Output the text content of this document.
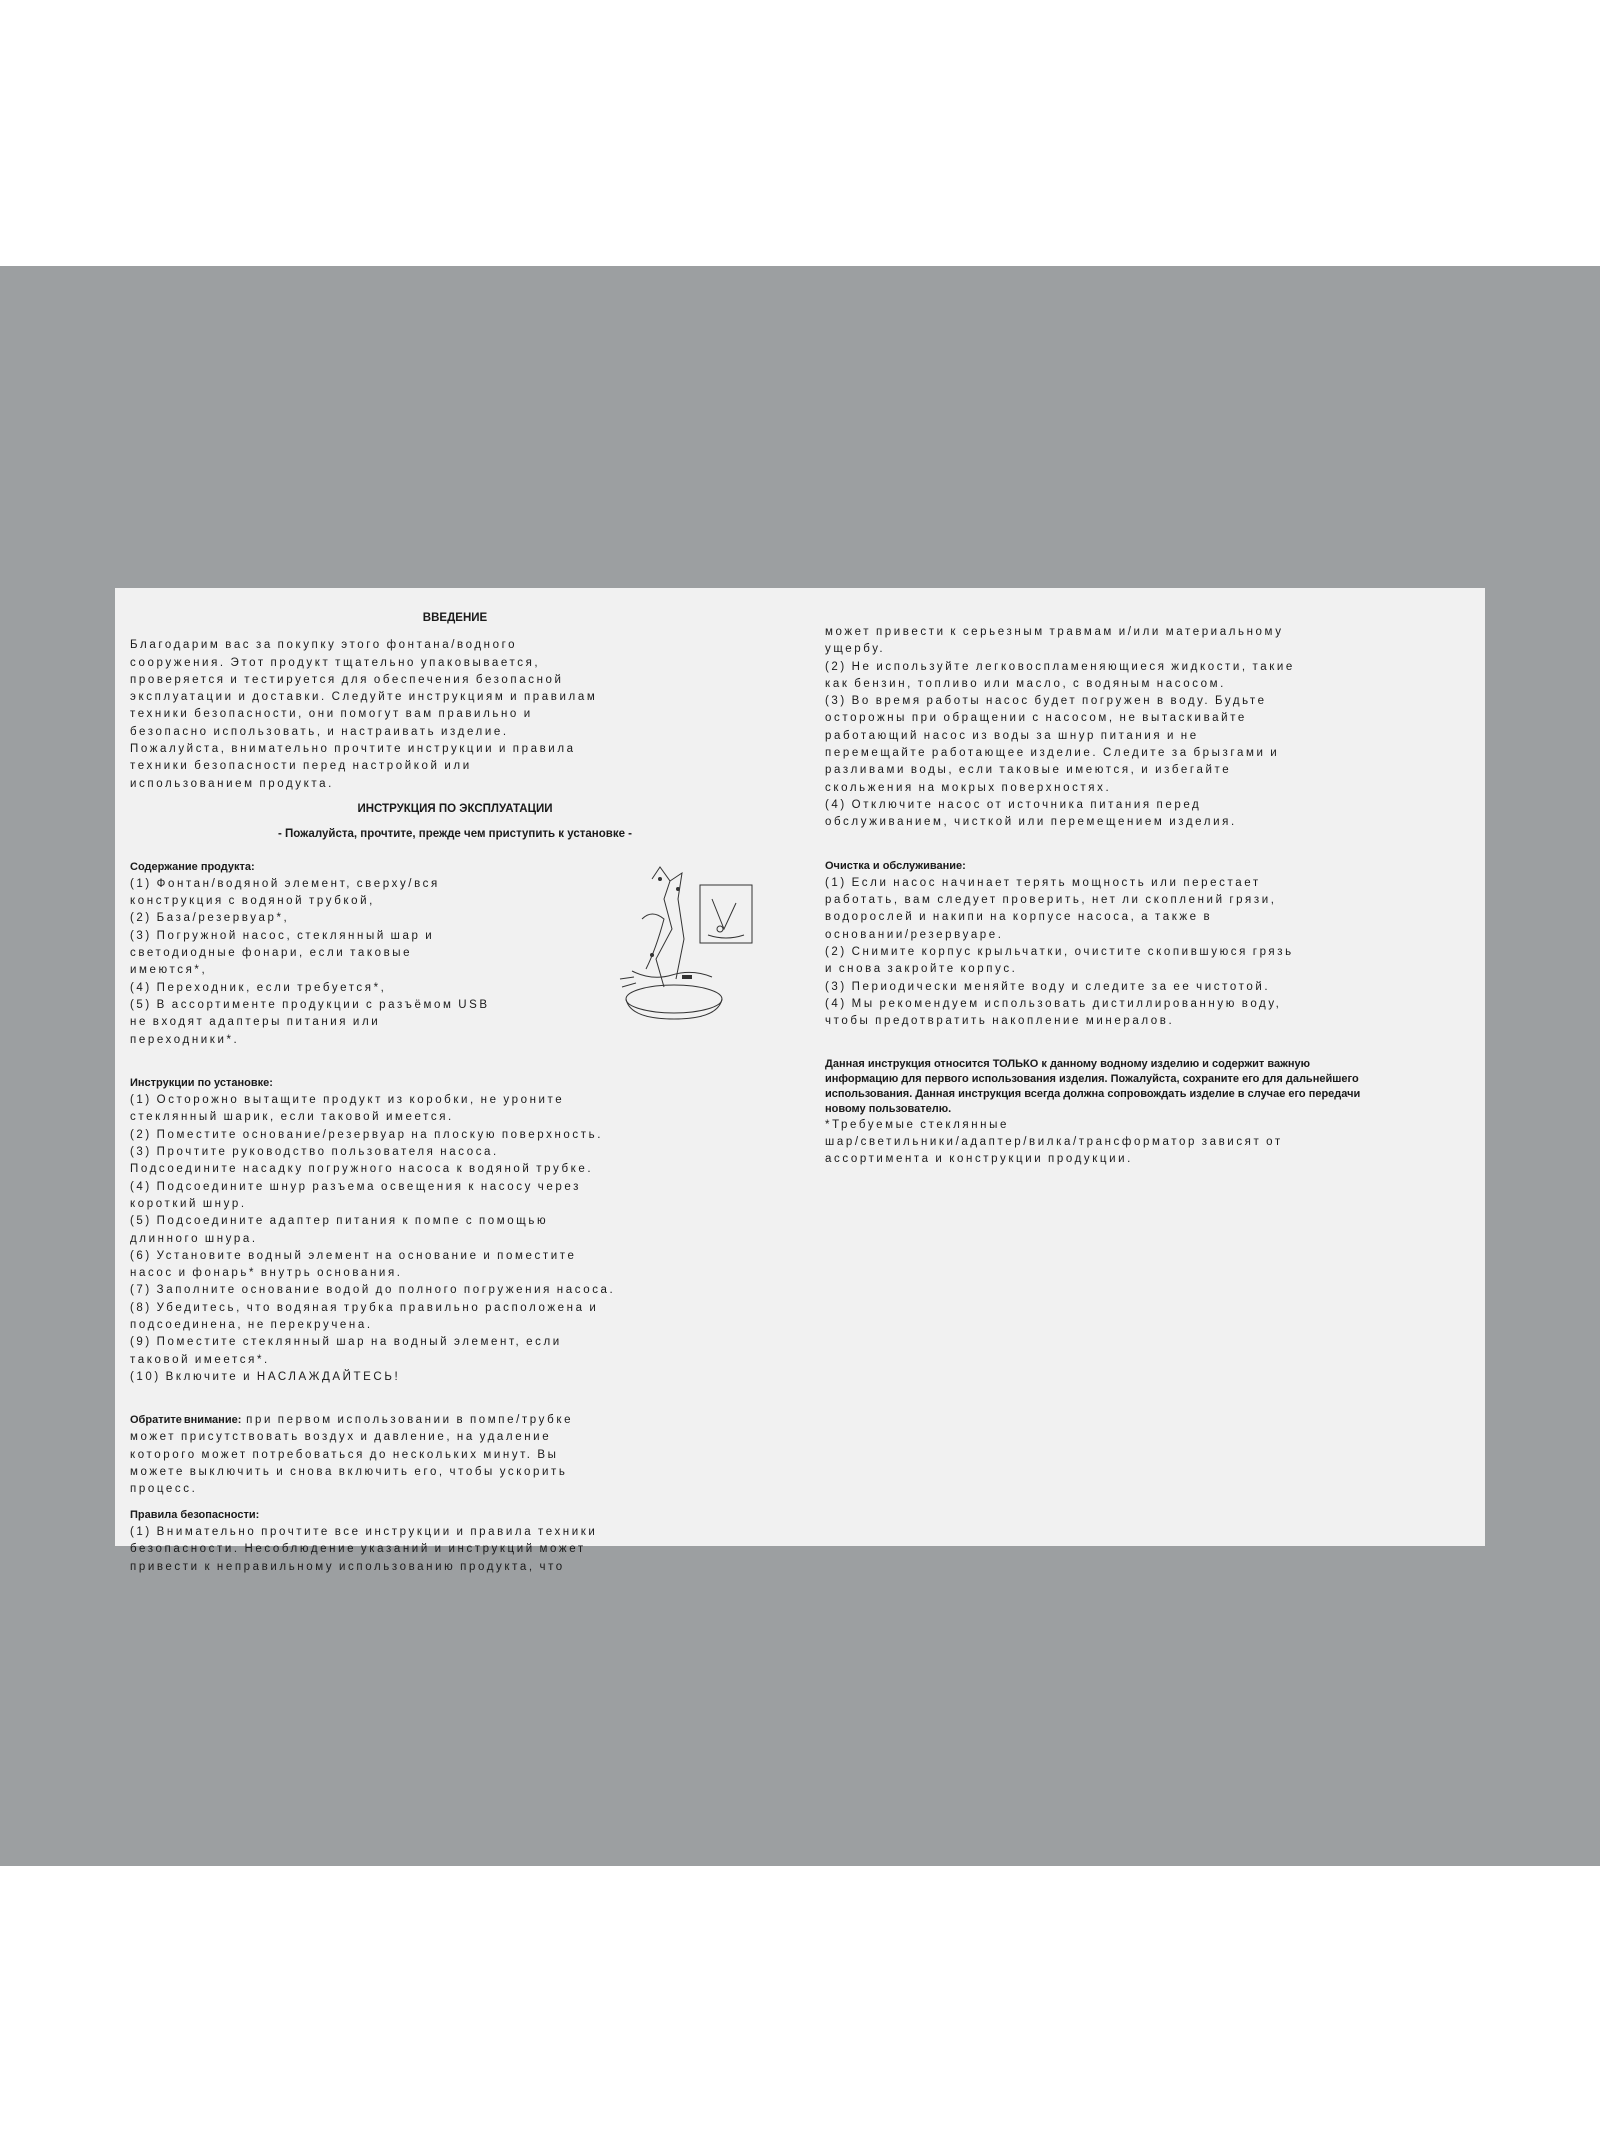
ВВЕДЕНИЕ
Благодарим вас за покупку этого фонтана/водного
сооружения. Этот продукт тщательно упаковывается,
проверяется и тестируется для обеспечения безопасной
эксплуатации и доставки. Следуйте инструкциям и правилам
техники безопасности, они помогут вам правильно и
безопасно использовать, и настраивать изделие.
Пожалуйста, внимательно прочтите инструкции и правила
техники безопасности перед настройкой или
использованием продукта.
ИНСТРУКЦИЯ ПО ЭКСПЛУАТАЦИИ
- Пожалуйста, прочтите, прежде чем приступить к установке -
Содержание продукта:
(1) Фонтан/водяной элемент, сверху/вся
конструкция с водяной трубкой,
(2) База/резервуар*,
(3) Погружной насос, стеклянный шар и
светодиодные фонари, если таковые
имеются*,
(4) Переходник, если требуется*,
(5) В ассортименте продукции с разъёмом USB
не входят адаптеры питания или
переходники*.
Инструкции по установке:
(1) Осторожно вытащите продукт из коробки, не уроните
стеклянный шарик, если таковой имеется.
(2) Поместите основание/резервуар на плоскую поверхность.
(3) Прочтите руководство пользователя насоса.
Подсоедините насадку погружного насоса к водяной трубке.
(4) Подсоедините шнур разъема освещения к насосу через
короткий шнур.
(5) Подсоедините адаптер питания к помпе с помощью
длинного шнура.
(6) Установите водный элемент на основание и поместите
насос и фонарь* внутрь основания.
(7) Заполните основание водой до полного погружения насоса.
(8) Убедитесь, что водяная трубка правильно расположена и
подсоединена, не перекручена.
(9) Поместите стеклянный шар на водный элемент, если
таковой имеется*.
(10) Включите и НАСЛАЖДАЙТЕСЬ!
Обратите внимание: при первом использовании в помпе/трубке
может присутствовать воздух и давление, на удаление
которого может потребоваться до нескольких минут. Вы
можете выключить и снова включить его, чтобы ускорить
процесс.
Правила безопасности:
(1) Внимательно прочтите все инструкции и правила техники
безопасности. Несоблюдение указаний и инструкций может
привести к неправильному использованию продукта, что
может привести к серьезным травмам и/или материальному
ущербу.
(2) Не используйте легковоспламеняющиеся жидкости, такие
как бензин, топливо или масло, с водяным насосом.
(3) Во время работы насос будет погружен в воду. Будьте
осторожны при обращении с насосом, не вытаскивайте
работающий насос из воды за шнур питания и не
перемещайте работающее изделие. Следите за брызгами и
разливами воды, если таковые имеются, и избегайте
скольжения на мокрых поверхностях.
(4) Отключите насос от источника питания перед
обслуживанием, чисткой или перемещением изделия.
Очистка и обслуживание:
(1) Если насос начинает терять мощность или перестает
работать, вам следует проверить, нет ли скоплений грязи,
водорослей и накипи на корпусе насоса, а также в
основании/резервуаре.
(2) Снимите корпус крыльчатки, очистите скопившуюся грязь
и снова закройте корпус.
(3) Периодически меняйте воду и следите за ее чистотой.
(4) Мы рекомендуем использовать дистиллированную воду,
чтобы предотвратить накопление минералов.
Данная инструкция относится ТОЛЬКО к данному водному изделию и содержит важную
информацию для первого использования изделия. Пожалуйста, сохраните его для дальнейшего
использования. Данная инструкция всегда должна сопровождать изделие в случае его передачи
новому пользователю.
*Требуемые стеклянные
шар/светильники/адаптер/вилка/трансформатор зависят от
ассортимента и конструкции продукции.
